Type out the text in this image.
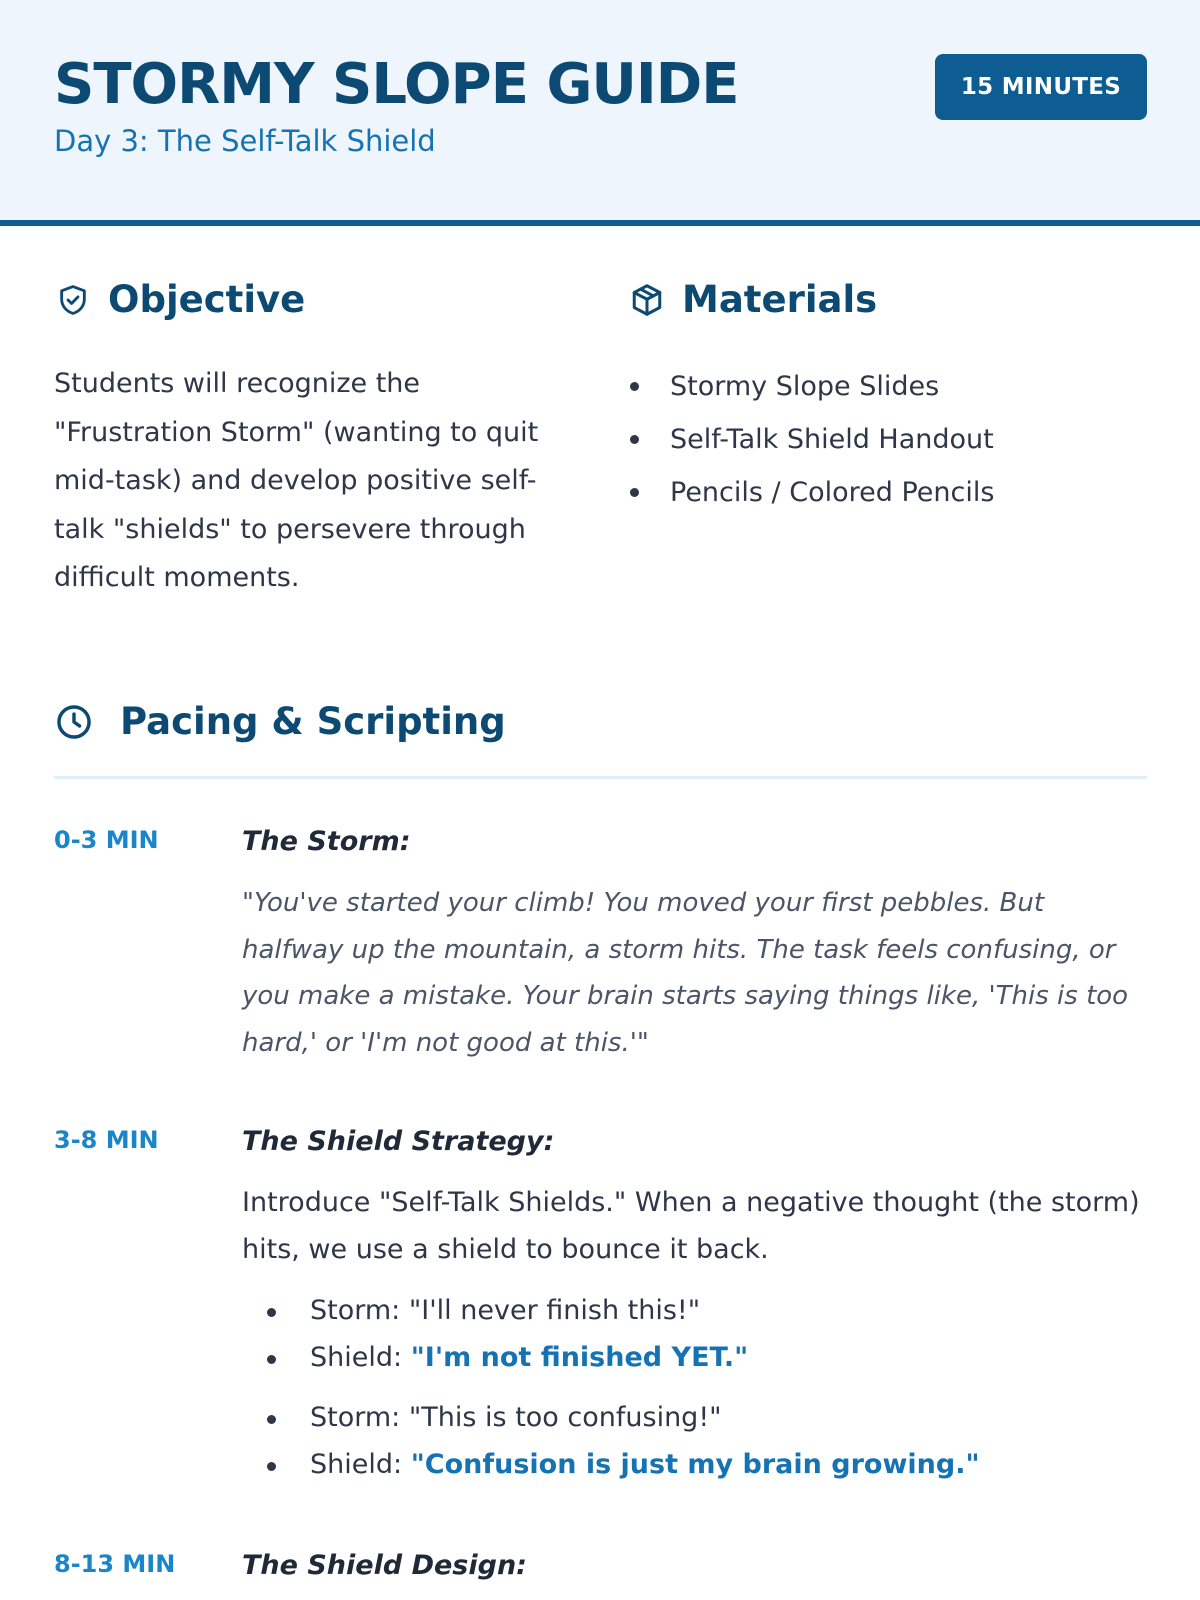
STORMY SLOPE GUIDE
Day 3: The Self-Talk Shield
15 MINUTES
Objective
Students will recognize the "Frustration Storm" (wanting to quit mid-task) and develop positive self-talk "shields" to persevere through difficult moments.
Materials
Stormy Slope Slides
Self-Talk Shield Handout
Pencils / Colored Pencils
Pacing & Scripting
0-3 MIN	The Storm:
"You've started your climb! You moved your first pebbles. But halfway up the mountain, a storm hits. The task feels confusing, or you make a mistake. Your brain starts saying things like, 'This is too hard,' or 'I'm not good at this.'"
3-8 MIN	The Shield Strategy:
Introduce "Self-Talk Shields." When a negative thought (the storm) hits, we use a shield to bounce it back.
Storm: "I'll never finish this!"
Shield: "I'm not finished YET."
Storm: "This is too confusing!"
Shield: "Confusion is just my brain growing."
8-13 MIN The Shield Design:
